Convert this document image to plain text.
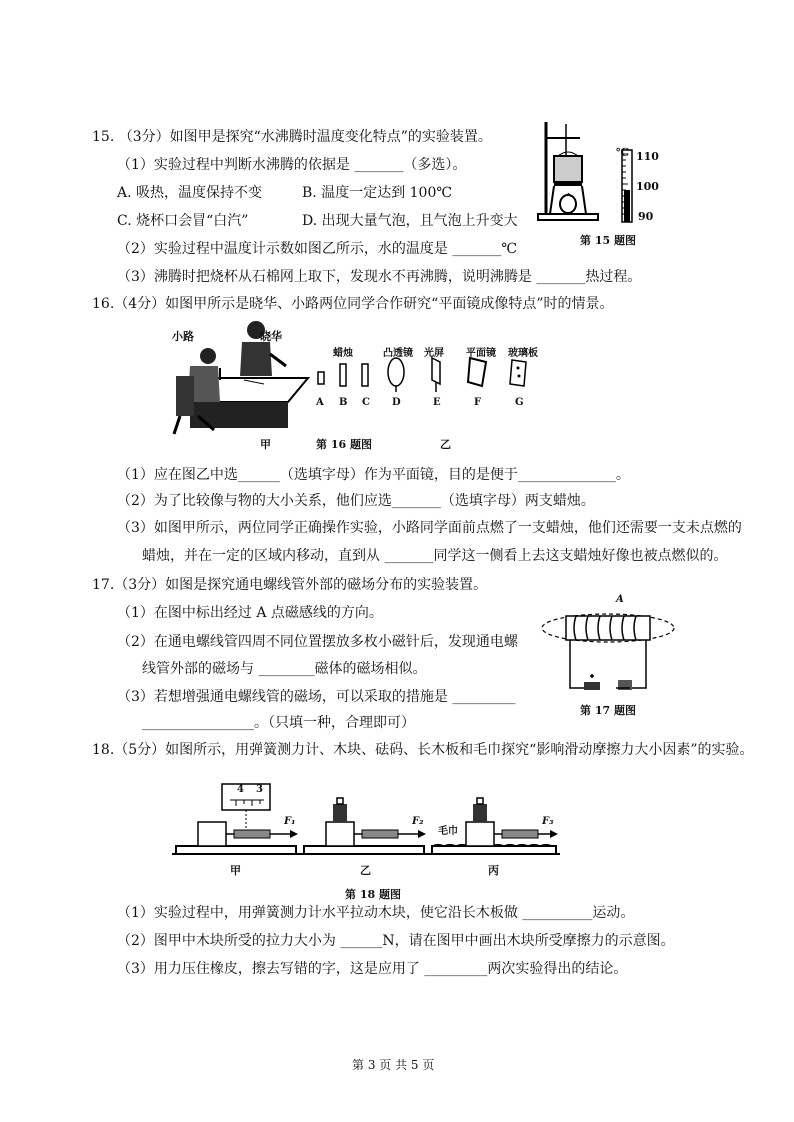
15. （3分）如图甲是探究“水沸腾时温度变化特点”的实验装置。
（1）实验过程中判断水沸腾的依据是 _______（多选）。
A. 吸热，温度保持不变	B. 温度一定达到 100℃
C. 烧杯口会冒“白汽”	D. 出现大量气泡，且气泡上升变大
（2）实验过程中温度计示数如图乙所示，水的温度是 _______℃
（3）沸腾时把烧杯从石棉网上取下，发现水不再沸腾，说明沸腾是 _______热过程。
℃ 110
100
90
第 15 题图
16.（4分）如图甲所示是晓华、小路两位同学合作研究“平面镜成像特点”时的情景。
小路	晓华
蜡烛	凸透镜 光屏 平面镜 玻璃板
A B C D	E	F	G
甲	第 16 题图	乙
（1）应在图乙中选______（选填字母）作为平面镜，目的是便于______________。
（2）为了比较像与物的大小关系，他们应选_______（选填字母）两支蜡烛。
（3）如图甲所示，两位同学正确操作实验，小路同学面前点燃了一支蜡烛，他们还需要一支未点燃的
蜡烛，并在一定的区域内移动，直到从 _______同学这一侧看上去这支蜡烛好像也被点燃似的。
17.（3分）如图是探究通电螺线管外部的磁场分布的实验装置。
（1）在图中标出经过 A 点磁感线的方向。
（2）在通电螺线管四周不同位置摆放多枚小磁针后，发现通电螺
线管外部的磁场与 ________磁体的磁场相似。
（3）若想增强通电螺线管的磁场，可以采取的措施是 _________
________________。（只填一种，合理即可）
A
第 17 题图
18.（5分）如图所示，用弹簧测力计、木块、砝码、长木板和毛巾探究“影响滑动摩擦力大小因素”的实验。
4 3
F₁	F₂
毛巾
F₃
甲	乙	丙
第 18 题图
（1）实验过程中，用弹簧测力计水平拉动木块，使它沿长木板做 __________运动。
（2）图甲中木块所受的拉力大小为 ______N，请在图甲中画出木块所受摩擦力的示意图。
（3）用力压住橡皮，擦去写错的字，这是应用了 _________两次实验得出的结论。
第 3 页 共 5 页
